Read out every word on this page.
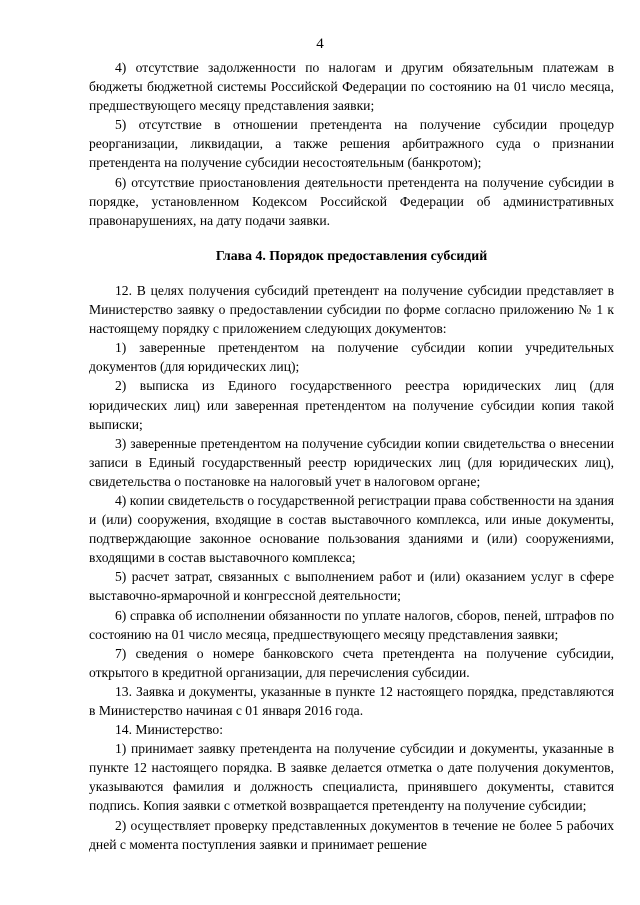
4

4) отсутствие задолженности по налогам и другим обязательным платежам в бюджеты бюджетной системы Российской Федерации по состоянию на 01 число месяца, предшествующего месяцу представления заявки;

5) отсутствие в отношении претендента на получение субсидии процедур реорганизации, ликвидации, а также решения арбитражного суда о признании претендента на получение субсидии несостоятельным (банкротом);

6) отсутствие приостановления деятельности претендента на получение субсидии в порядке, установленном Кодексом Российской Федерации об административных правонарушениях, на дату подачи заявки.

Глава 4. Порядок предоставления субсидий

12. В целях получения субсидий претендент на получение субсидии представляет в Министерство заявку о предоставлении субсидии по форме согласно приложению № 1 к настоящему порядку с приложением следующих документов:

1) заверенные претендентом на получение субсидии копии учредительных документов (для юридических лиц);

2) выписка из Единого государственного реестра юридических лиц (для юридических лиц) или заверенная претендентом на получение субсидии копия такой выписки;

3) заверенные претендентом на получение субсидии копии свидетельства о внесении записи в Единый государственный реестр юридических лиц (для юридических лиц), свидетельства о постановке на налоговый учет в налоговом органе;

4) копии свидетельств о государственной регистрации права собственности на здания и (или) сооружения, входящие в состав выставочного комплекса, или иные документы, подтверждающие законное основание пользования зданиями и (или) сооружениями, входящими в состав выставочного комплекса;

5) расчет затрат, связанных с выполнением работ и (или) оказанием услуг в сфере выставочно-ярмарочной и конгрессной деятельности;

6) справка об исполнении обязанности по уплате налогов, сборов, пеней, штрафов по состоянию на 01 число месяца, предшествующего месяцу представления заявки;

7) сведения о номере банковского счета претендента на получение субсидии, открытого в кредитной организации, для перечисления субсидии.

13. Заявка и документы, указанные в пункте 12 настоящего порядка, представляются в Министерство начиная с 01 января 2016 года.

14. Министерство:

1) принимает заявку претендента на получение субсидии и документы, указанные в пункте 12 настоящего порядка. В заявке делается отметка о дате получения документов, указываются фамилия и должность специалиста, принявшего документы, ставится подпись. Копия заявки с отметкой возвращается претенденту на получение субсидии;

2) осуществляет проверку представленных документов в течение не более 5 рабочих дней с момента поступления заявки и принимает решение
